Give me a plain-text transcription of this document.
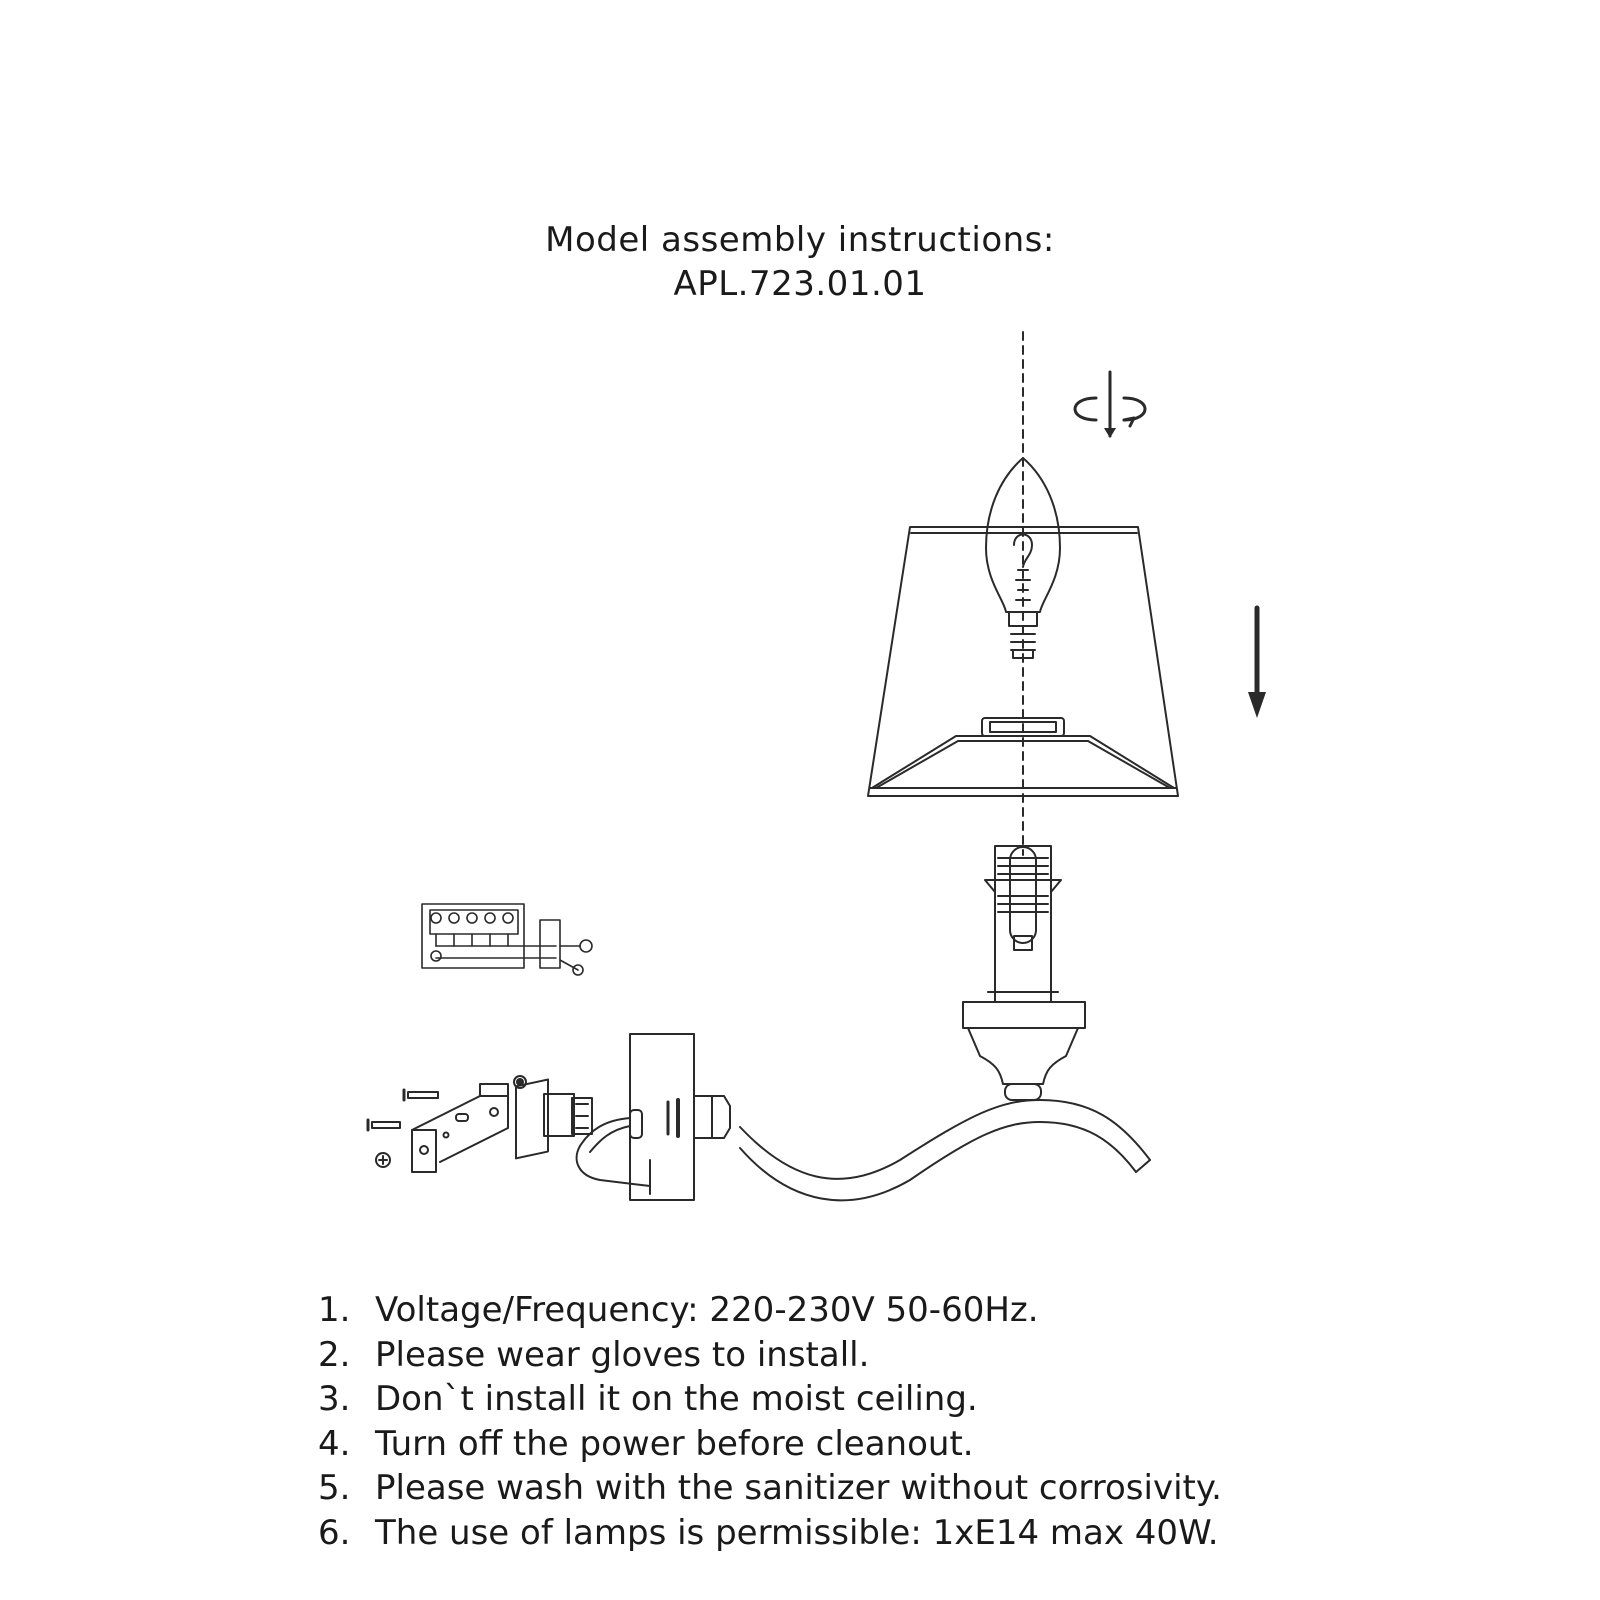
Model assembly instructions:
APL.723.01.01
1. Voltage/Frequency: 220-230V 50-60Hz.
2. Please wear gloves to install.
3. Don`t install it on the moist ceiling.
4. Turn off the power before cleanout.
5. Please wash with the sanitizer without corrosivity.
6. The use of lamps is permissible: 1xE14 max 40W.
